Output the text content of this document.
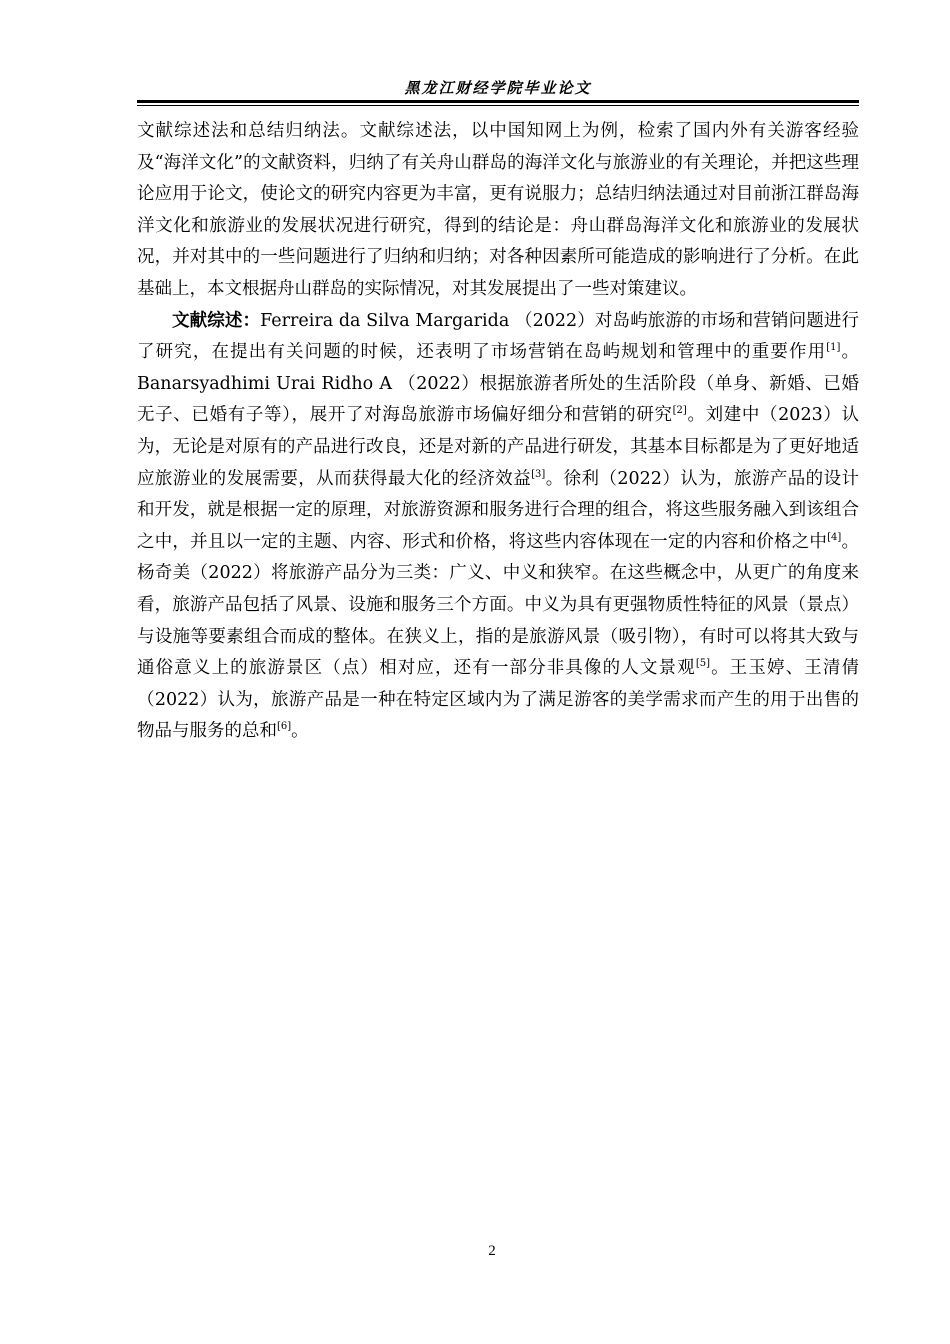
黑龙江财经学院毕业论文

文献综述法和总结归纳法。文献综述法，以中国知网上为例，检索了国内外有关游客经验及“海洋文化”的文献资料，归纳了有关舟山群岛的海洋文化与旅游业的有关理论，并把这些理论应用于论文，使论文的研究内容更为丰富，更有说服力；总结归纳法通过对目前浙江群岛海洋文化和旅游业的发展状况进行研究，得到的结论是：舟山群岛海洋文化和旅游业的发展状况，并对其中的一些问题进行了归纳和归纳；对各种因素所可能造成的影响进行了分析。在此基础上，本文根据舟山群岛的实际情况，对其发展提出了一些对策建议。

文献综述：Ferreira da Silva Margarida （2022）对岛屿旅游的市场和营销问题进行了研究，在提出有关问题的时候，还表明了市场营销在岛屿规划和管理中的重要作用[1]。Banarsyadhimi Urai Ridho A （2022）根据旅游者所处的生活阶段（单身、新婚、已婚无子、已婚有子等），展开了对海岛旅游市场偏好细分和营销的研究[2]。刘建中（2023）认为，无论是对原有的产品进行改良，还是对新的产品进行研发，其基本目标都是为了更好地适应旅游业的发展需要，从而获得最大化的经济效益[3]。徐利（2022）认为，旅游产品的设计和开发，就是根据一定的原理，对旅游资源和服务进行合理的组合，将这些服务融入到该组合之中，并且以一定的主题、内容、形式和价格，将这些内容体现在一定的内容和价格之中[4]。杨奇美（2022）将旅游产品分为三类：广义、中义和狭窄。在这些概念中，从更广的角度来看，旅游产品包括了风景、设施和服务三个方面。中义为具有更强物质性特征的风景（景点）与设施等要素组合而成的整体。在狭义上，指的是旅游风景（吸引物），有时可以将其大致与通俗意义上的旅游景区（点）相对应，还有一部分非具像的人文景观[5]。王玉婷、王清倩（2022）认为，旅游产品是一种在特定区域内为了满足游客的美学需求而产生的用于出售的物品与服务的总和[6]。

2
